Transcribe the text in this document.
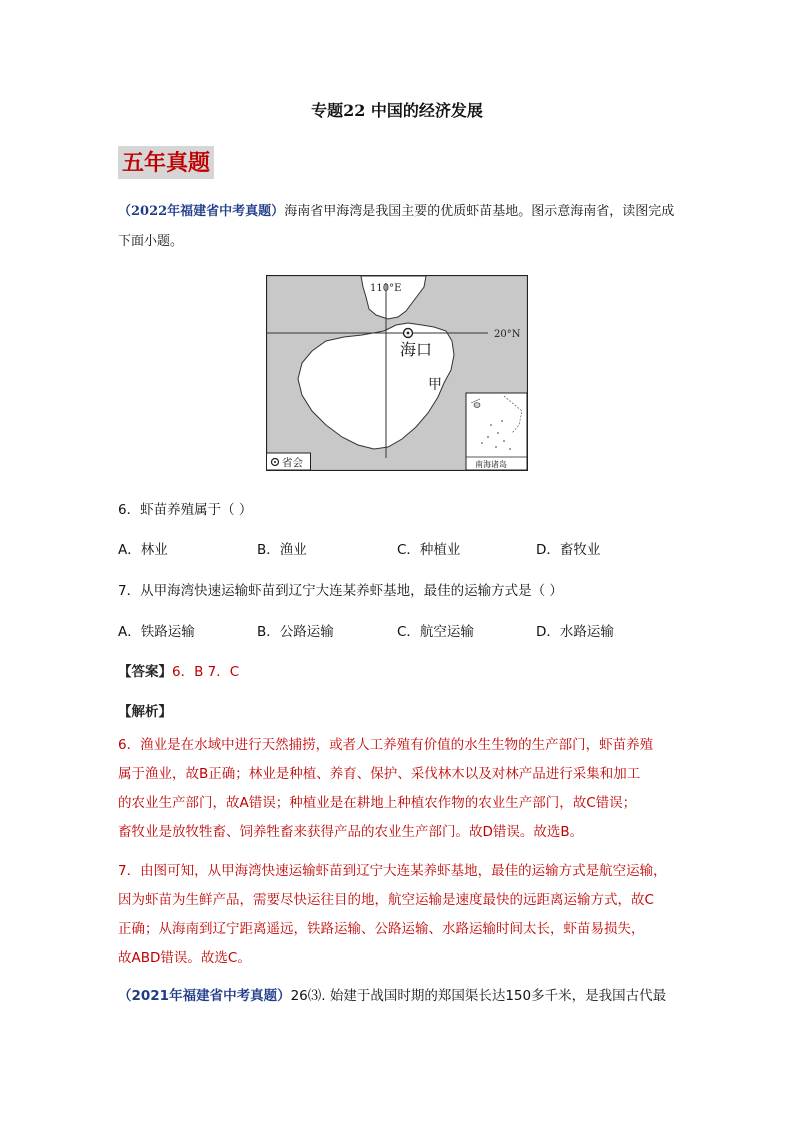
专题22 中国的经济发展
五年真题
（2022年福建省中考真题）海南省甲海湾是我国主要的优质虾苗基地。图示意海南省，读图完成下面小题。
20°N
110°E
海口
甲
省会	南海诸岛
6．虾苗养殖属于（ ）
A．林业	B．渔业	C．种植业	D．畜牧业
7．从甲海湾快速运输虾苗到辽宁大连某养虾基地，最佳的运输方式是（ ）
A．铁路运输	B．公路运输	C．航空运输	D．水路运输
【答案】6．B 7．C
【解析】
6．渔业是在水域中进行天然捕捞，或者人工养殖有价值的水生生物的生产部门，虾苗养殖
属于渔业，故B正确；林业是种植、养育、保护、采伐林木以及对林产品进行采集和加工
的农业生产部门，故A错误；种植业是在耕地上种植农作物的农业生产部门，故C错误；
畜牧业是放牧牲畜、饲养牲畜来获得产品的农业生产部门。故D错误。故选B。
7．由图可知，从甲海湾快速运输虾苗到辽宁大连某养虾基地，最佳的运输方式是航空运输，
因为虾苗为生鲜产品，需要尽快运往目的地，航空运输是速度最快的远距离运输方式，故C
正确；从海南到辽宁距离遥远，铁路运输、公路运输、水路运输时间太长，虾苗易损失，
故ABD错误。故选C。
（2021年福建省中考真题）26⑶. 始建于战国时期的郑国渠长达150多千米，是我国古代最
